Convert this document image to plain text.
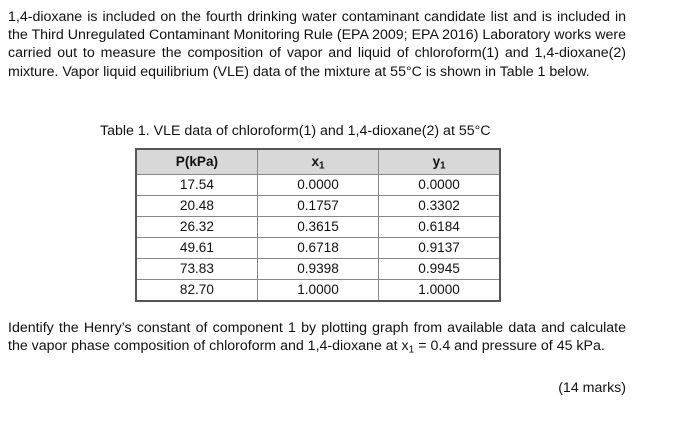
1,4-dioxane is included on the fourth drinking water contaminant candidate list and is included in the Third Unregulated Contaminant Monitoring Rule (EPA 2009; EPA 2016) Laboratory works were carried out to measure the composition of vapor and liquid of chloroform(1) and 1,4-dioxane(2) mixture. Vapor liquid equilibrium (VLE) data of the mixture at 55°C is shown in Table 1 below.

Table 1. VLE data of chloroform(1) and 1,4-dioxane(2) at 55°C

P(kPa)	$x_1$	$y_1$
17.54	0.0000	0.0000
20.48	0.1757	0.3302
26.32	0.3615	0.6184
49.61	0.6718	0.9137
73.83	0.9398	0.9945
82.70	1.0000	1.0000

Identify the Henry’s constant of component 1 by plotting graph from available data and calculate the vapor phase composition of chloroform and 1,4-dioxane at $x_1 = 0.4$ and pressure of 45 kPa.

(14 marks)
